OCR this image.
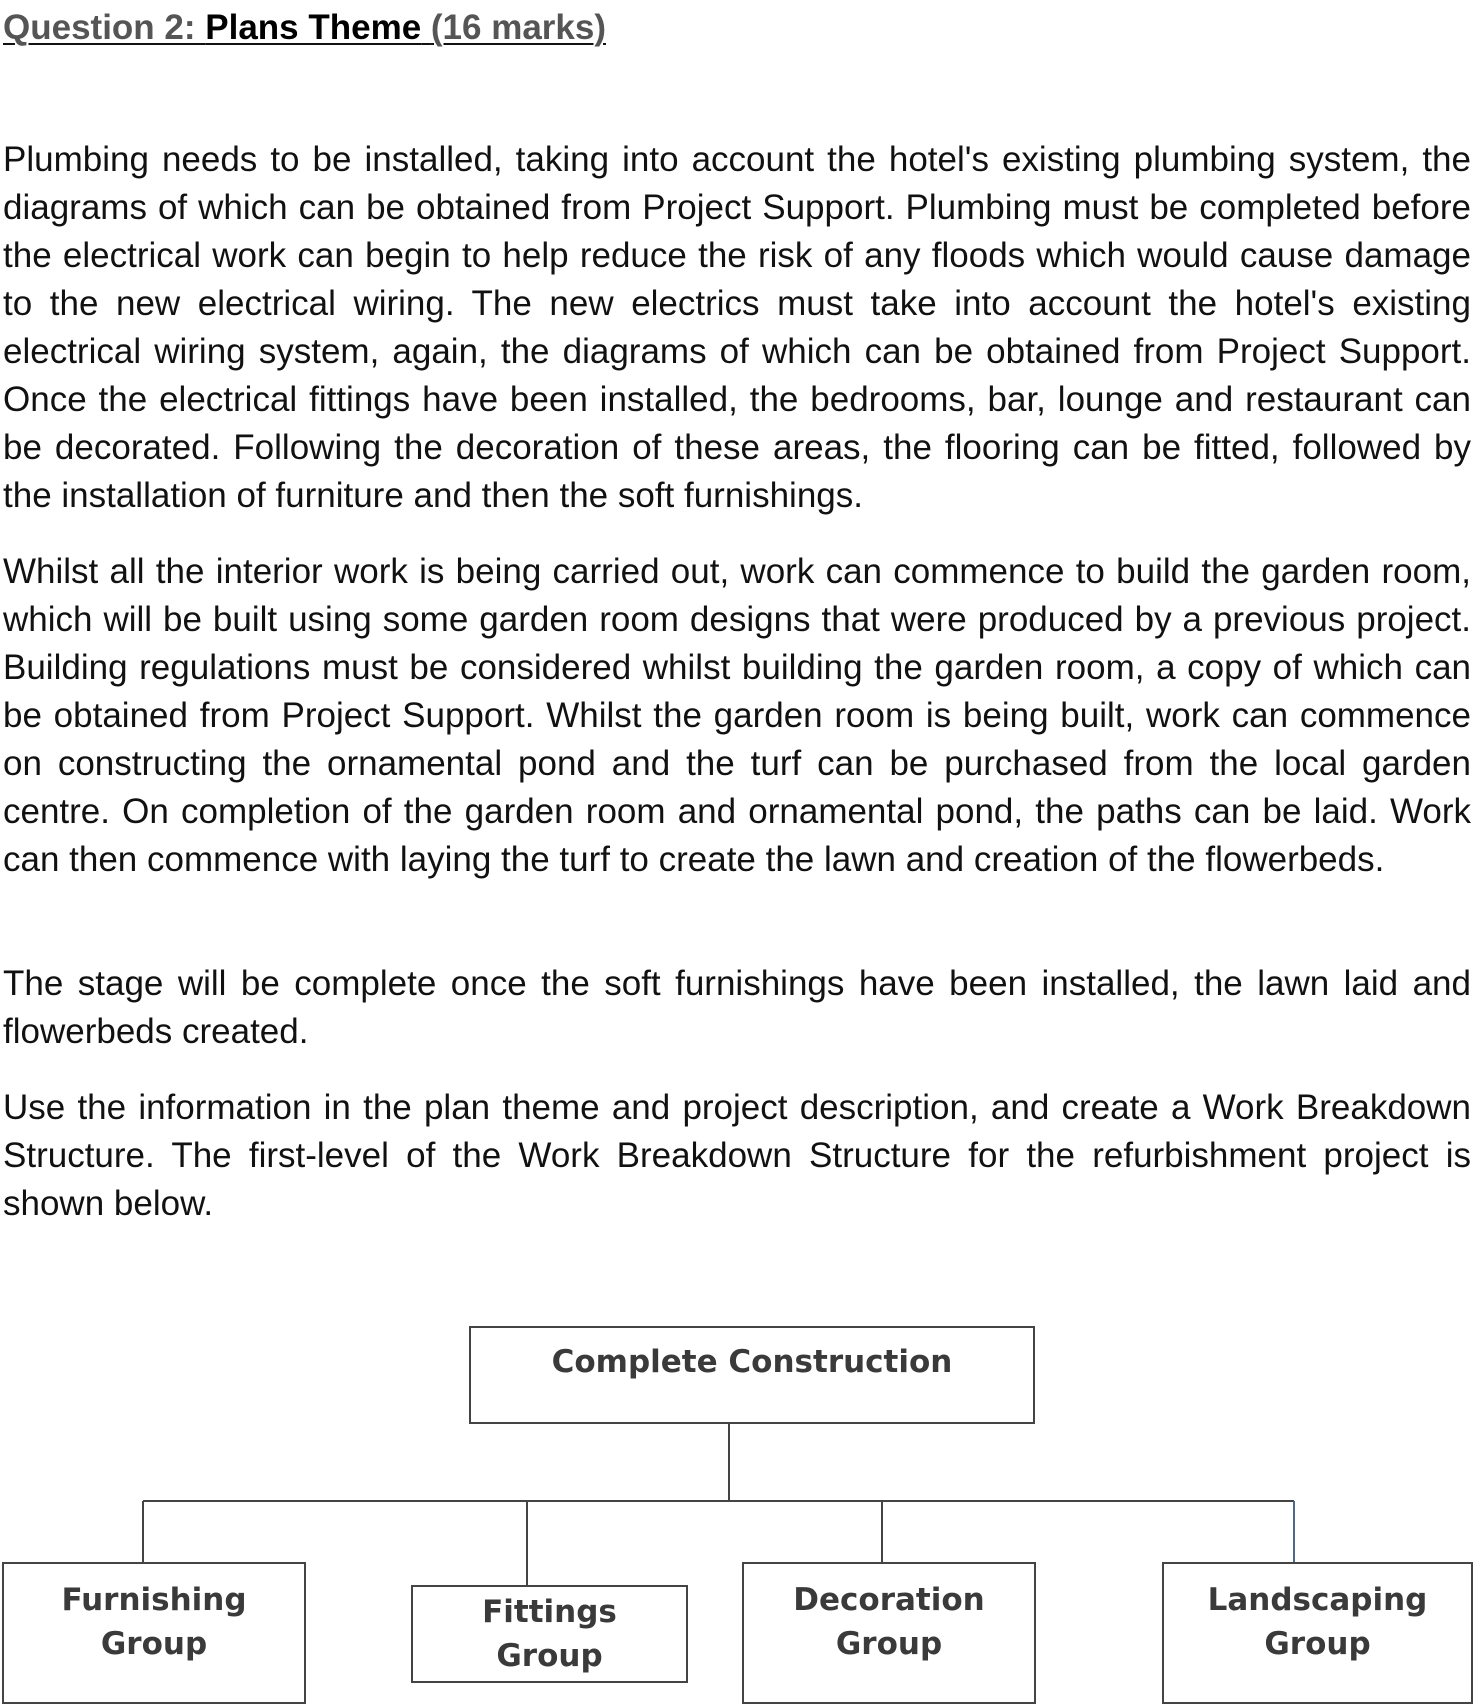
Question 2: Plans Theme (16 marks)

Plumbing needs to be installed, taking into account the hotel's existing plumbing system, the diagrams of which can be obtained from Project Support. Plumbing must be completed before the electrical work can begin to help reduce the risk of any floods which would cause damage to the new electrical wiring. The new electrics must take into account the hotel's existing electrical wiring system, again, the diagrams of which can be obtained from Project Support. Once the electrical fittings have been installed, the bedrooms, bar, lounge and restaurant can be decorated. Following the decoration of these areas, the flooring can be fitted, followed by the installation of furniture and then the soft furnishings.

Whilst all the interior work is being carried out, work can commence to build the garden room, which will be built using some garden room designs that were produced by a previous project. Building regulations must be considered whilst building the garden room, a copy of which can be obtained from Project Support. Whilst the garden room is being built, work can commence on constructing the ornamental pond and the turf can be purchased from the local garden centre. On completion of the garden room and ornamental pond, the paths can be laid. Work can then commence with laying the turf to create the lawn and creation of the flowerbeds.

The stage will be complete once the soft furnishings have been installed, the lawn laid and flowerbeds created.

Use the information in the plan theme and project description, and create a Work Breakdown Structure. The first-level of the Work Breakdown Structure for the refurbishment project is shown below.

Complete Construction
Furnishing Group
Fittings Group
Decoration Group
Landscaping Group
